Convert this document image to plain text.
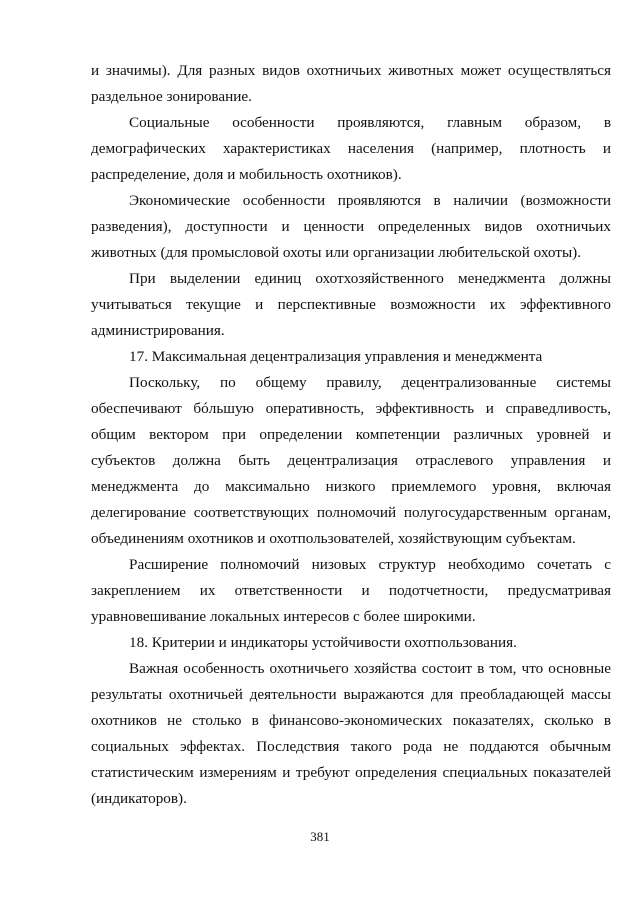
и значимы). Для разных видов охотничьих животных может осуществляться раздельное зонирование.

Социальные особенности проявляются, главным образом, в демографических характеристиках населения (например, плотность и распределение, доля и мобильность охотников).

Экономические особенности проявляются в наличии (возможности разведения), доступности и ценности определенных видов охотничьих животных (для промысловой охоты или организации любительской охоты).

При выделении единиц охотхозяйственного менеджмента должны учитываться текущие и перспективные возможности их эффективного администрирования.

17. Максимальная децентрализация управления и менеджмента

Поскольку, по общему правилу, децентрализованные системы обеспечивают бóльшую оперативность, эффективность и справедливость, общим вектором при определении компетенции различных уровней и субъектов должна быть децентрализация отраслевого управления и менеджмента до максимально низкого приемлемого уровня, включая делегирование соответствующих полномочий полугосударственным органам, объединениям охотников и охотпользователей, хозяйствующим субъектам.

Расширение полномочий низовых структур необходимо сочетать с закреплением их ответственности и подотчетности, предусматривая уравновешивание локальных интересов с более широкими.

18. Критерии и индикаторы устойчивости охотпользования.

Важная особенность охотничьего хозяйства состоит в том, что основные результаты охотничьей деятельности выражаются для преобладающей массы охотников не столько в финансово-экономических показателях, сколько в социальных эффектах. Последствия такого рода не поддаются обычным статистическим измерениям и требуют определения специальных показателей (индикаторов).

381
